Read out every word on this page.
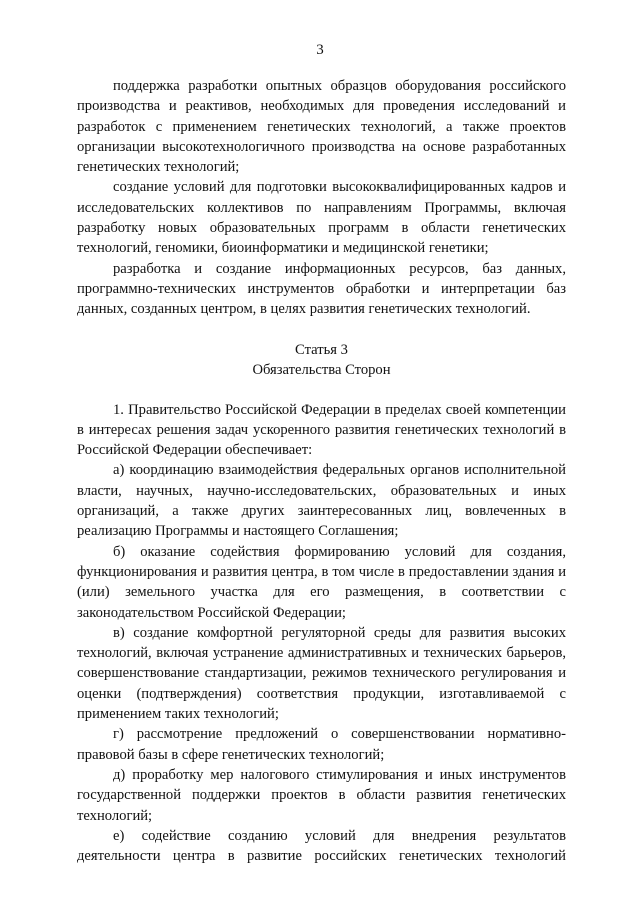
3

поддержка разработки опытных образцов оборудования российского производства и реактивов, необходимых для проведения исследований и разработок с применением генетических технологий, а также проектов организации высокотехнологичного производства на основе разработанных генетических технологий;

создание условий для подготовки высококвалифицированных кадров и исследовательских коллективов по направлениям Программы, включая разработку новых образовательных программ в области генетических технологий, геномики, биоинформатики и медицинской генетики;

разработка и создание информационных ресурсов, баз данных, программно-технических инструментов обработки и интерпретации баз данных, созданных центром, в целях развития генетических технологий.

Статья 3
Обязательства Сторон

1. Правительство Российской Федерации в пределах своей компетенции в интересах решения задач ускоренного развития генетических технологий в Российской Федерации обеспечивает:

а) координацию взаимодействия федеральных органов исполнительной власти, научных, научно-исследовательских, образовательных и иных организаций, а также других заинтересованных лиц, вовлеченных в реализацию Программы и настоящего Соглашения;

б) оказание содействия формированию условий для создания, функционирования и развития центра, в том числе в предоставлении здания и (или) земельного участка для его размещения, в соответствии с законодательством Российской Федерации;

в) создание комфортной регуляторной среды для развития высоких технологий, включая устранение административных и технических барьеров, совершенствование стандартизации, режимов технического регулирования и оценки (подтверждения) соответствия продукции, изготавливаемой с применением таких технологий;

г) рассмотрение предложений о совершенствовании нормативно-правовой базы в сфере генетических технологий;

д) проработку мер налогового стимулирования и иных инструментов государственной поддержки проектов в области развития генетических технологий;

е) содействие созданию условий для внедрения результатов деятельности центра в развитие российских генетических технологий
